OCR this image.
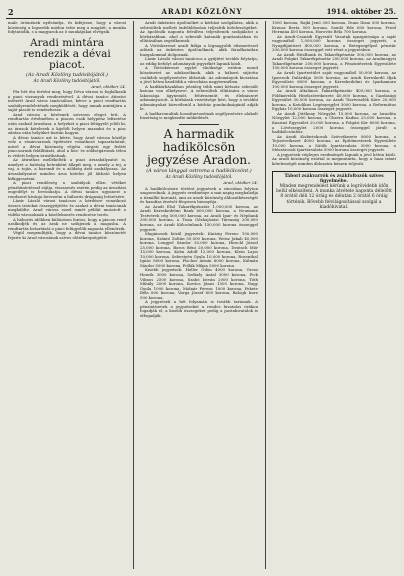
2	ARADI KÖZLÖNY	1914. október 25.

male örömének nyilvánítja, és kifejezze, hogy a városi közönség a legszebb módon tette meg a magáét; a munka folytatódik, s a magyarok az ő munkájukat elvégzik.

Aradi mintára rendezik a dévai piacot.
(Az Aradi Közlöny tudósítójától.)
Az Aradi Közlöny tudósítójától.
Arad, október 24.

Pár hét óta történt meg, hogy Déva városa is foglalkozik a piaci viszonyok rendezésével. A dévai tanács átiratot intézett Arad város tanácsához, kérve a piaci rendtartás szabályrendeletének megküldését, hogy annak mintájára a saját piacát is rendezhesse.

Arad városa a kérésnek szívesen eleget tett. A rendtartás értelmében a piacon csak helypénz lefizetése után szabad árusítani, a helyeket a piaci felügyelő jelöli ki, az árusok kötelesek a kijelölt helyen maradni és a piac zárása után helyüket tisztán hagyni.

A dévai tanács azt is kérte, hogy Arad városa közölje vele a vásárcsarnok építésére vonatkozó tapasztalatait, mivel a dévai közönség régóta sürgeti egy fedett piaccsarnok felállítását, ahol a hús- és zöldségárusok télen is védett helyen árusíthatnak.

Az átirathoz mellékelték a piaci árszabályzatot is, amelyet a hatóság hetenként állapít meg, s amely a tej, a vaj, a tojás, a baromfi és a zöldség árát szabályozza. Az árszabályzatot minden árus köteles jól látható helyen kifüggeszteni.

A piaci rendőrség a szabályok ellen vétőket pénzbüntetéssel sújtja, visszaesés esetén pedig az árusítási engedélyt is bevonhatja. A dévai tanács ugyanezt a rendszert kívánja bevezetni a háborús drágaság letörésére.

Lázár László városi tanácsos a kérdésre vonatkozó összes iratokat összegyűjtötte és azokat a dévai tanácsnak megküldte. Arad városa ezzel ismét példát mutatott a vidéki városoknak a közélelmezés rendezése terén.

A háborús időkben különösen fontos, hogy a piacon rend uralkodjék és az árak ne szökjenek a magasba. A rendtartás betartását a piaci felügyelők naponta ellenőrzik.

Végül megemlítjük, hogy a dévai tanács köszönetét fejezte ki Arad városának szíves előzékenységéért.

Aradi önkéntes ápolónőket a kórházi szolgálatra, akik a sebesültek mellett önfeláldozóan teljesítik kötelességüket. Az ápolónők naponta felváltva teljesítenek szolgálatot a kórházakban, ahol a sebesült katonák gondozásában és ellátásában segédkeznek.

A Vöröskereszt aradi fiókja a legnagyobb elismeréssel adózik az önkéntes ápolónőknek, akik fáradhatatlan buzgalommal dolgoznak.

Lázár László városi tanácsos a gyűjtést tovább folytatja; az eddig befolyt adományok jegyzékét lapunk közli.

A Vöröskereszt egylet elnöksége ezúton mond köszönetet az adakozóknak, akik a háború sújtotta családok segélyezésére áldoztak. Az adományok kiosztása a jövő héten kezdődik a városháza nagytermében.

A hadikórházakban jelenleg több mint kétszáz sebesült katona van elhelyezve. A sebesültek ellátására a város lakossága ágyneműt, fehérneműt és élelmiszert adományozott. A kórházak vezetősége kéri, hogy a további adományokat közvetlenül a kórház gondnokságánál adják le.

A hadbavonultak hozzátartozóinak segélyezésére alakult bizottság is megkezdte működését.

A harmadik hadikölcsön jegyzése Aradon.
(A város lánggal ostroma a hadikölcsönt.)
Az Aradi Közlöny tudósítójától.
Arad, október 24.

A hadikölcsönre történt jegyzések a városban folyton szaporodnak. A jegyzés eredménye a mai napig meghaladja a tízmillió koronát, ami az aradi közönség áldozatkészségét és hazafias érzését fényesen bizonyítja.

Az Aradi Első Takarékpénztár 1,000,000 korona, az Aradi Kereskedelmi Bank 600,000 korona, a Neumann Testvérek cég 500,000 korona, az Aradi Ipar- és Népbank 300,000 korona, a Tisza Gőzhajózási Társaság 200,000 korona, az Aradi Kölcsönbank 150,000 korona összeggel jegyzett.

Magánosok közül jegyeztek: Kintzig Ferenc 100,000 korona, Szántó Zoltán 50,000 korona, Weisz Jakab 40,000 korona, Lengyel Sándor 30,000 korona, Hirschl József 25,000 korona, Boros Béni 20,000 korona, Deutsch Mór 15,000 korona, Kohn Adolf 12,000 korona, Klein Lajos 10,000 korona, Sebestyén Gyula 10,000 korona, Rosenthal Ignác 8000 korona, Fischer Ármin 6000 korona, Kálmán Sándor 5000 korona, Pollák Miksa 5000 korona.

Kisebb jegyzések: Heller Ödön 4000 korona, Grosz Henrik 3000 korona, Székely Antal 3000 korona, Pick Vilmos 2500 korona, Szabó István 2000 korona, Tóth Mihály 2000 korona, Kovács János 1500 korona, Nagy Gyula 1000 korona, Molnár Ferenc 1000 korona, Fekete Béla 800 korona, Varga József 600 korona, Balogh Imre 500 korona.

A jegyzések a hét folyamán is tovább tartanak. A pénzintézetek a jegyzéseket a rendes hivatalos órákon fogadják el, a kisebb összegeket pedig a postahivatalok is elfogadják.

1000 korona, Rajki Jenő 300 korona, Duna Ilona 500 korona, Krausz Berta 500 korona, Somló Ede 600 korona, Fried Hermina 400 korona, Horovitz Béla 700 korona.

Az Aradi-Csanádi Egyesült Vasutak igazgatósága a saját vagyonából 1,000,000 korona összeget jegyzett, a Nyugdíjintézet 400,000 korona, a Betegsegélyző pénztár 200,000 korona összeggel vett részt a jegyzésben.

Az Aradi Hitelbank és Takarékpénztár 300,000 korona, az Aradi Polgári Takarékpénztár 250,000 korona, az Aradmegyei Takarékpénztár 200,000 korona, a Pénzintézetek Egyesülete 150,000 korona összeget jegyzett.

Az Aradi Ipartestület saját vagyonából 50,000 korona, az Iparosok Dalárdája 5000 korona, az Aradi Kereskedő Ifjak Egyesülete 8000 korona, a Kereskedelmi és Iparkamara 100,000 korona összeget jegyzett.

Az Aradi Általános Takarékpénztár 400,000 korona, a Földmívelők Hitelszövetkezete 40,000 korona, a Gazdasági Egyesület 30,000 korona, az Aradi Tisztviselők Köre 20,000 korona, a Katolikus Legényegylet 3000 korona, a Református Egyház 10,000 korona összeget jegyzett.

Az Aradi Jótékony Nőegylet 15,000 korona, az Izraelita Nőegylet 12,000 korona, a Chevra Kadisa 25,000 korona, a Kaszinó Egyesület 20,000 korona, a Polgári Kör 6000 korona, a Lövészegylet 2000 korona összeggel járult a hadikölcsönhöz.

Az Aradi Kisbirtokosok Szövetkezete 8000 korona, a Tejszövetkezet 4000 korona, az Építőmesterek Egyesülete 10,000 korona, a Sütők Ipartársulata 3000 korona, a Mészárosok Ipartársulata 5000 korona összeget jegyzett.

A jegyzések végleges eredményét lapunk a jövő héten közli. Az aradi közönség ezúttal is megmutatta, hogy a haza iránti kötelességét minden áldozatra készen teljesíti.

Tábori zsákvarrók és zsákfoltozók szíves figyelmébe.
Minden megrendelést kérünk a legrövidebb időn belül elkészíteni. A munka átvétele naponta délelőtt 8 órától déli 12 óráig és délután 2 órától 6 óráig történik. Bővebb felvilágosítással szolgál a kiadóhivatal.
